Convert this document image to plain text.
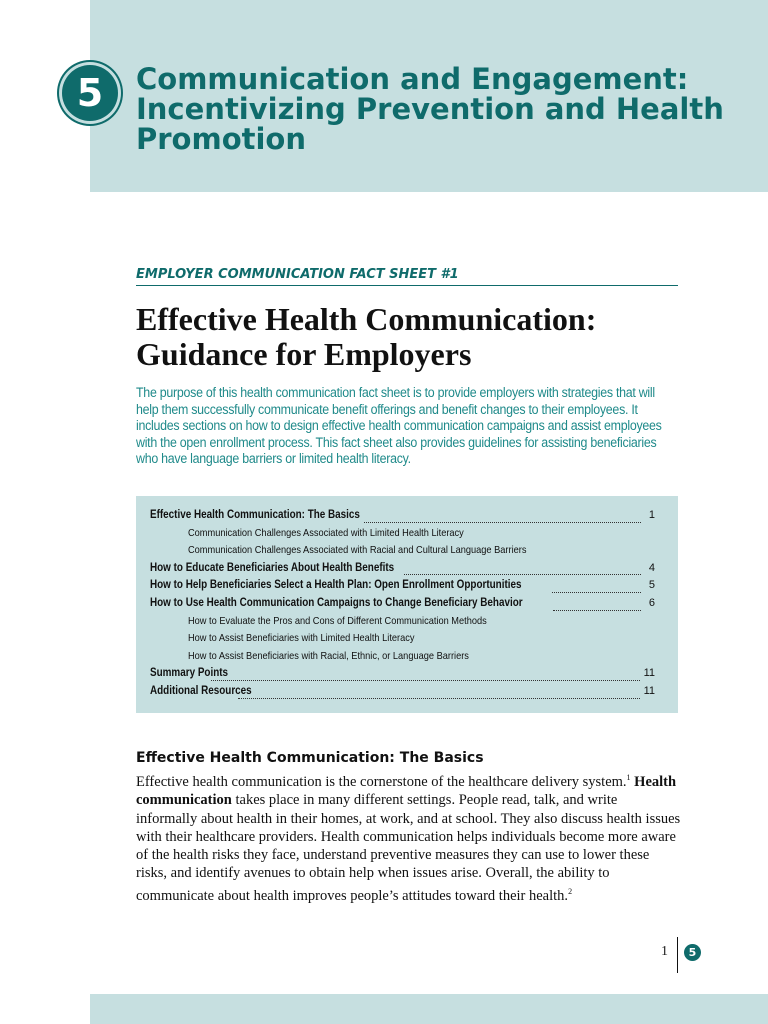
5 Communication and Engagement: Incentivizing Prevention and Health Promotion
EMPLOYER COMMUNICATION FACT SHEET #1
Effective Health Communication:
Guidance for Employers

The purpose of this health communication fact sheet is to provide employers with strategies that will help them successfully communicate benefit offerings and benefit changes to their employees. It includes sections on how to design effective health communication campaigns and assist employees with the open enrollment process. This fact sheet also provides guidelines for assisting beneficiaries who have language barriers or limited health literacy.

Effective Health Communication: The Basics	1
Communication Challenges Associated with Limited Health Literacy
Communication Challenges Associated with Racial and Cultural Language Barriers
How to Educate Beneficiaries About Health Benefits	4
How to Help Beneficiaries Select a Health Plan: Open Enrollment Opportunities	5
How to Use Health Communication Campaigns to Change Beneficiary Behavior	6
How to Evaluate the Pros and Cons of Different Communication Methods
How to Assist Beneficiaries with Limited Health Literacy
How to Assist Beneficiaries with Racial, Ethnic, or Language Barriers
Summary Points	11
Additional Resources	11
Effective Health Communication: The Basics

Effective health communication is the cornerstone of the healthcare delivery system.$^1$ Health communication takes place in many different settings. People read, talk, and write informally about health in their homes, at work, and at school. They also discuss health issues with their healthcare providers. Health communication helps individuals become more aware of the health risks they face, understand preventive measures they can use to lower these risks, and identify avenues to obtain help when issues arise. Overall, the ability to communicate about health improves people’s attitudes toward their health.$^2$

1 5
